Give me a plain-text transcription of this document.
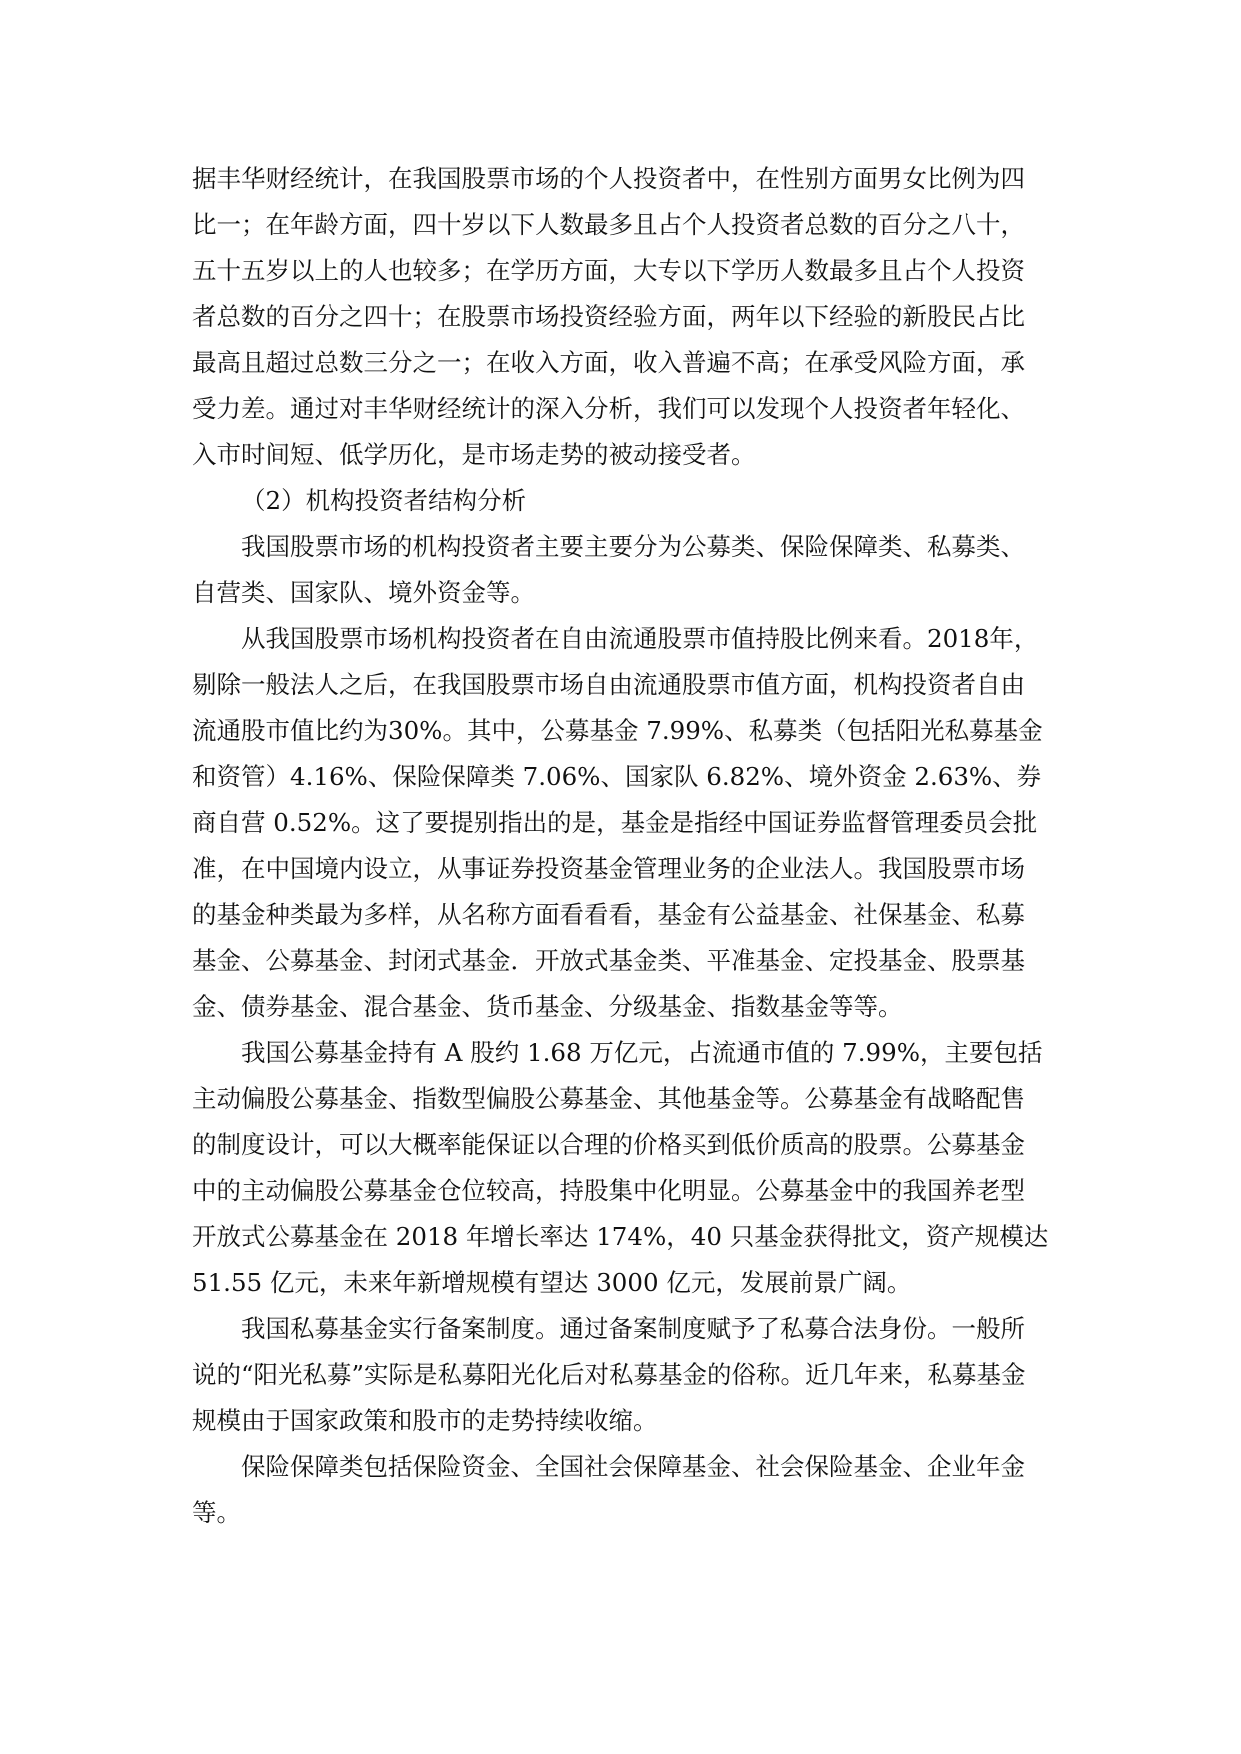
据丰华财经统计，在我国股票市场的个人投资者中，在性别方面男女比例为四比一；在年龄方面，四十岁以下人数最多且占个人投资者总数的百分之八十，五十五岁以上的人也较多；在学历方面，大专以下学历人数最多且占个人投资者总数的百分之四十；在股票市场投资经验方面，两年以下经验的新股民占比最高且超过总数三分之一；在收入方面，收入普遍不高；在承受风险方面，承受力差。通过对丰华财经统计的深入分析，我们可以发现个人投资者年轻化、入市时间短、低学历化，是市场走势的被动接受者。

（2）机构投资者结构分析

我国股票市场的机构投资者主要主要分为公募类、保险保障类、私募类、自营类、国家队、境外资金等。

从我国股票市场机构投资者在自由流通股票市值持股比例来看。2018年，剔除一般法人之后，在我国股票市场自由流通股票市值方面，机构投资者自由流通股市值比约为30%。其中，公募基金 7.99%、私募类（包括阳光私募基金和资管）4.16%、保险保障类 7.06%、国家队 6.82%、境外资金 2.63%、券商自营 0.52%。这了要提别指出的是，基金是指经中国证券监督管理委员会批准，在中国境内设立，从事证券投资基金管理业务的企业法人。我国股票市场的基金种类最为多样，从名称方面看看看，基金有公益基金、社保基金、私募基金、公募基金、封闭式基金．开放式基金类、平准基金、定投基金、股票基金、债券基金、混合基金、货币基金、分级基金、指数基金等等。

我国公募基金持有 A 股约 1.68 万亿元，占流通市值的 7.99%，主要包括主动偏股公募基金、指数型偏股公募基金、其他基金等。公募基金有战略配售的制度设计，可以大概率能保证以合理的价格买到低价质高的股票。公募基金中的主动偏股公募基金仓位较高，持股集中化明显。公募基金中的我国养老型开放式公募基金在 2018 年增长率达 174%，40 只基金获得批文，资产规模达 51.55 亿元，未来年新增规模有望达 3000 亿元，发展前景广阔。

我国私募基金实行备案制度。通过备案制度赋予了私募合法身份。一般所说的“阳光私募”实际是私募阳光化后对私募基金的俗称。近几年来，私募基金规模由于国家政策和股市的走势持续收缩。

保险保障类包括保险资金、全国社会保障基金、社会保险基金、企业年金等。
